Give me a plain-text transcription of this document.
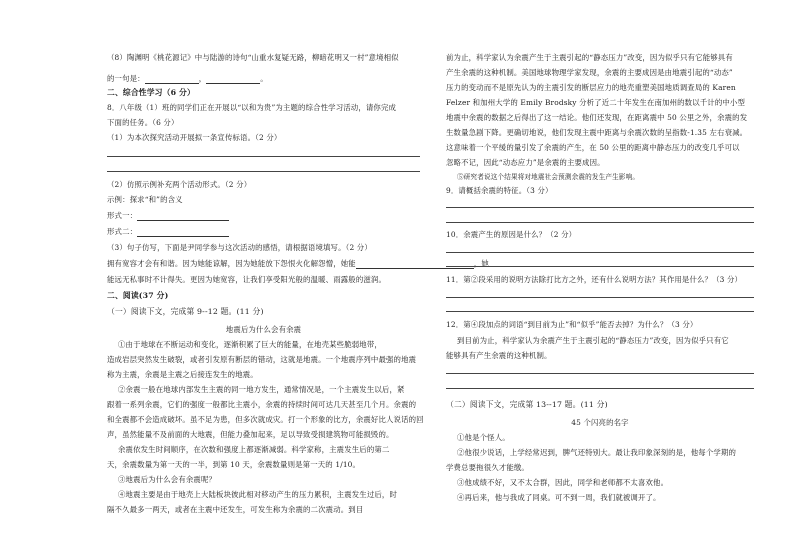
（8）陶渊明《桃花源记》中与陆游的诗句“山重水复疑无路，柳暗花明又一村”意境相似
的一句是：	，	。
二、综合性学习（6 分）
8．八年级（1）班的同学们正在开展以“以和为贵”为主题的综合性学习活动，请你完成
下面的任务。（6 分）
（1）为本次探究活动开展拟一条宣传标语。（2 分）
（2）仿照示例补充两个活动形式。（2 分）
示例：探求“和”的含义
形式一：
形式二：
（3）句子仿写，下面是尹同学参与这次活动的感悟，请根据语境填写。（2 分）
拥有宽容才会有和谐。因为她能谅解，因为她能放下怨恨火化解怨憎，她能	，她
能远无私事时不计得失。更因为她宽容，让我们享受阳光般的温暖、雨露般的滋润。
二、阅读(37 分)
（一）阅读下文，完成第 9--12 题。(11 分)
地震后为什么会有余震
①由于地球在不断运动和变化，逐渐积累了巨大的能量，在地壳某些脆弱地带，
造成岩层突然发生破裂，或者引发原有断层的错动，这就是地震。一个地震序列中最强的地震
称为主震，余震是主震之后接连发生的地震。
②余震一般在地球内部发生主震的同一地方发生，通常情况是，一个主震发生以后，紧
跟着一系列余震，它们的强度一般都比主震小，余震的持续时间可达几天甚至几个月。余震的
和全震都不会造成破坏。虽不足为患，但多次就成灾。打一个形象的比方，余震好比人说话的回
声，虽然能量不及前面的大地震，但能力叠加起来，足以导致受损建筑物可能损毁的。
余震依发生时间顺序，在次数和强度上都逐渐减弱。科学家称，主震发生后的第二
天，余震数量为第一天的一半，到第 10 天，余震数量则是第一天的 1/10。
③地震后为什么会有余震呢？
④地震主要是由于地壳上大陆板块彼此相对移动产生的压力累积，主震发生过后，时
隔不久最多一两天，或者在主震中还发生，可发生称为余震的二次震动。到目
前为止，科学家认为余震产生于主震引起的“静态压力”改变，因为似乎只有它能够具有
产生余震的这种机制。美国地球物理学家发现，余震的主要成因是由地震引起的“动态”
压力的变动而不是原先认为的主震引发的断层应力的地壳重塑美国地质调查局的 Karen
Felzer 和加州大学的 Emily Brodsky 分析了近二十年发生在南加州的数以千计的中小型
地震中余震的数据之后得出了这一结论。他们还发现，在距离震中 50 公里之外，余震的发
生数量急剧下降。更确切地说，他们发现主震中距离与余震次数的呈指数-1.35 左右衰减。
这意味着一个平缓的量引发了余震的产生，在 50 公里的距离中静态压力的改变几乎可以
忽略不记，因此“动态应力”是余震的主要成因。
⑤研究者说这个结果将对地震社会预测余震的发生产生影响。
9．请概括余震的特征。（3 分）
10．余震产生的原因是什么？（2 分）
11．第②段采用的说明方法除打比方之外，还有什么说明方法？其作用是什么？（3 分）
12．第④段加点的词语“到目前为止”和“似乎”能否去掉？为什么？（3 分）
到目前为止，科学家认为余震产生于主震引起的“静态压力”改变，因为似乎只有它
能够具有产生余震的这种机制。
（二）阅读下文，完成第 13--17 题。(11 分)
45 个闪亮的名字
①他是个怪人。
②他很少说话，上学经常迟到，脾气还特别大。最让我印象深刻的是，他每个学期的
学费总要拖很久才能缴。
③他成绩不好，又不太合群，因此，同学和老师都不太喜欢他。
④再后来，他与我成了同桌。可不到一周，我们就被调开了。
